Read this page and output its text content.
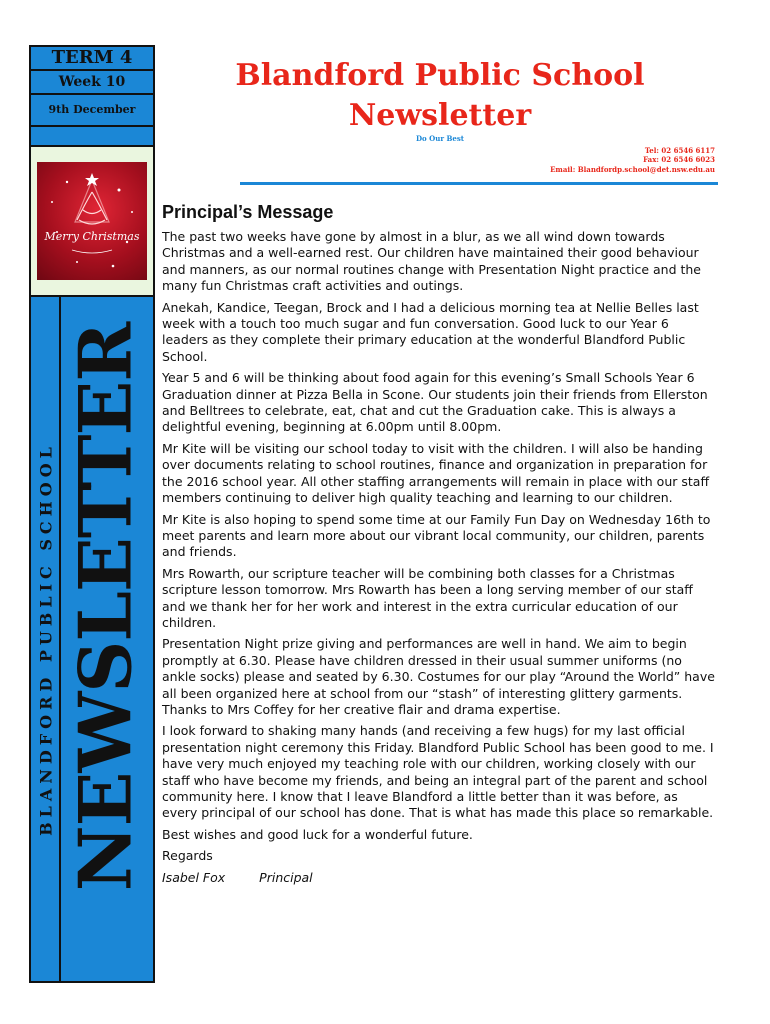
TERM 4
Week 10
9th December
Merry Christmas
BLANDFORD PUBLIC SCHOOL NEWSLETTER
Blandford Public School
Newsletter
Do Our Best
Tel: 02 6546 6117
Fax: 02 6546 6023
Email: Blandfordp.school@det.nsw.edu.au
Principal’s Message

The past two weeks have gone by almost in a blur, as we all wind down towards Christmas and a well-earned rest. Our children have maintained their good behaviour and manners, as our normal routines change with Presentation Night practice and the many fun Christmas craft activities and outings.

Anekah, Kandice, Teegan, Brock and I had a delicious morning tea at Nellie Belles last week with a touch too much sugar and fun conversation. Good luck to our Year 6 leaders as they complete their primary education at the wonderful Blandford Public School.

Year 5 and 6 will be thinking about food again for this evening’s Small Schools Year 6 Graduation dinner at Pizza Bella in Scone. Our students join their friends from Ellerston and Belltrees to celebrate, eat, chat and cut the Graduation cake. This is always a delightful evening, beginning at 6.00pm until 8.00pm.

Mr Kite will be visiting our school today to visit with the children. I will also be handing over documents relating to school routines, finance and organization in preparation for the 2016 school year. All other staffing arrangements will remain in place with our staff members continuing to deliver high quality teaching and learning to our children.

Mr Kite is also hoping to spend some time at our Family Fun Day on Wednesday 16th to meet parents and learn more about our vibrant local community, our children, parents and friends.

Mrs Rowarth, our scripture teacher will be combining both classes for a Christmas scripture lesson tomorrow. Mrs Rowarth has been a long serving member of our staff and we thank her for her work and interest in the extra curricular education of our children.

Presentation Night prize giving and performances are well in hand. We aim to begin promptly at 6.30. Please have children dressed in their usual summer uniforms (no ankle socks) please and seated by 6.30. Costumes for our play “Around the World” have all been organized here at school from our “stash” of interesting glittery garments. Thanks to Mrs Coffey for her creative flair and drama expertise.

I look forward to shaking many hands (and receiving a few hugs) for my last official presentation night ceremony this Friday. Blandford Public School has been good to me. I have very much enjoyed my teaching role with our children, working closely with our staff who have become my friends, and being an integral part of the parent and school community here. I know that I leave Blandford a little better than it was before, as every principal of our school has done. That is what has made this place so remarkable.

Best wishes and good luck for a wonderful future.

Regards

Isabel Fox	Principal
